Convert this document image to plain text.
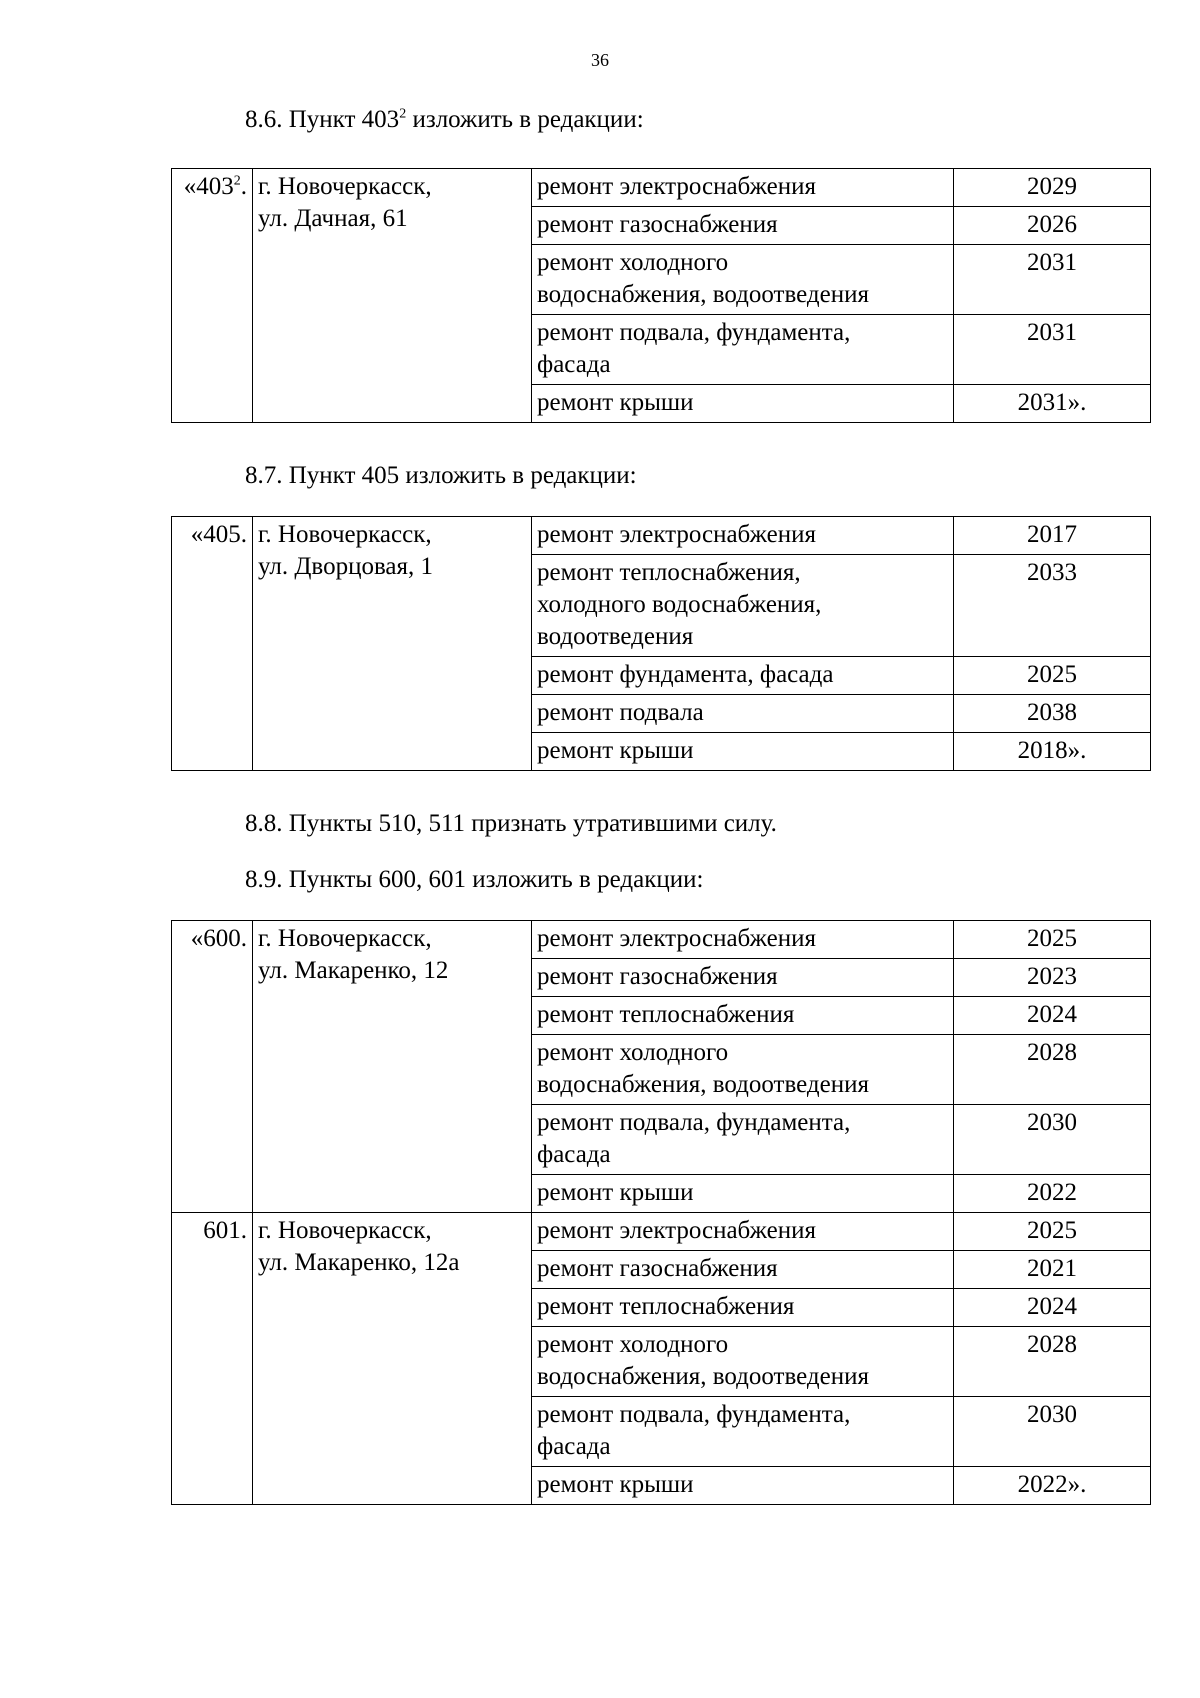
36
8.6. Пункт $403^2$ изложить в редакции:
«$403^2$.	г. Новочеркасск,
ул. Дачная, 61	ремонт электроснабжения	2029

		ремонт газоснабжения	2026

		ремонт холодного
водоснабжения, водоотведения	2031

		ремонт подвала, фундамента,
фасада	2031

		ремонт крыши	2031».
8.7. Пункт 405 изложить в редакции:
«405.	г. Новочеркасск,
ул. Дворцовая, 1	ремонт электроснабжения	2017

		ремонт теплоснабжения,
холодного водоснабжения,
водоотведения	2033

		ремонт фундамента, фасада	2025

		ремонт подвала	2038

		ремонт крыши	2018».
8.8. Пункты 510, 511 признать утратившими силу.
8.9. Пункты 600, 601 изложить в редакции:
«600.	г. Новочеркасск,
ул. Макаренко, 12	ремонт электроснабжения	2025

		ремонт газоснабжения	2023

		ремонт теплоснабжения	2024

		ремонт холодного
водоснабжения, водоотведения	2028

		ремонт подвала, фундамента,
фасада	2030

		ремонт крыши	2022
601.	г. Новочеркасск,
ул. Макаренко, 12а	ремонт электроснабжения	2025

		ремонт газоснабжения	2021

		ремонт теплоснабжения	2024

		ремонт холодного
водоснабжения, водоотведения	2028

		ремонт подвала, фундамента,
фасада	2030

		ремонт крыши	2022».
